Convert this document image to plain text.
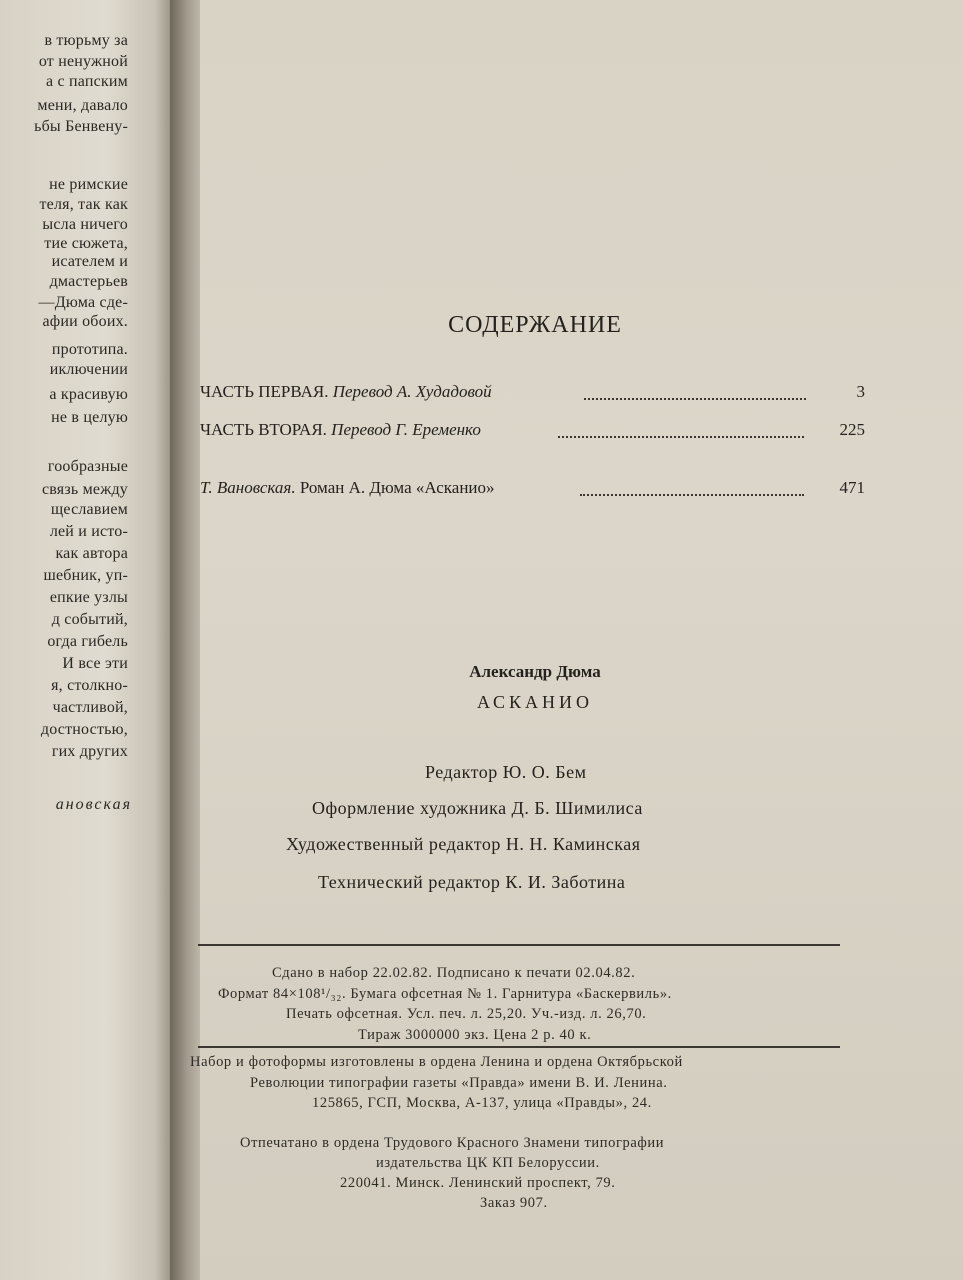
в тюрьму за
от ненужной
а с папским
мени, давало
ьбы Бенвену-
не римские
теля, так как
ысла ничего
тие сюжета,
исателем и
дмастерьев
—Дюма сде-
афии обоих.
прототипа.
иключении
а красивую
не в целую
гообразные
связь между
щеславием
лей и исто-
как автора
шебник, уп-
епкие узлы
д событий,
огда гибель
И все эти
я, столкно-
частливой,
достностью,
гих других
ановская
СОДЕРЖАНИЕ
ЧАСТЬ ПЕРВАЯ. Перевод А. Худадовой	3
ЧАСТЬ ВТОРАЯ. Перевод Г. Еременко	225
Т. Вановская. Роман А. Дюма «Асканио»	471
Александр Дюма
АСКАНИО
Редактор Ю. О. Бем
Оформление художника Д. Б. Шимилиса
Художественный редактор Н. Н. Каминская
Технический редактор К. И. Заботина
Сдано в набор 22.02.82. Подписано к печати 02.04.82.
Формат 84×108¹/₃₂. Бумага офсетная № 1. Гарнитура «Баскервиль».
Печать офсетная. Усл. печ. л. 25,20. Уч.-изд. л. 26,70.
Тираж 3000000 экз. Цена 2 р. 40 к.
Набор и фотоформы изготовлены в ордена Ленина и ордена Октябрьской
Революции типографии газеты «Правда» имени В. И. Ленина.
125865, ГСП, Москва, А-137, улица «Правды», 24.
Отпечатано в ордена Трудового Красного Знамени типографии
издательства ЦК КП Белоруссии.
220041. Минск. Ленинский проспект, 79.
Заказ 907.
